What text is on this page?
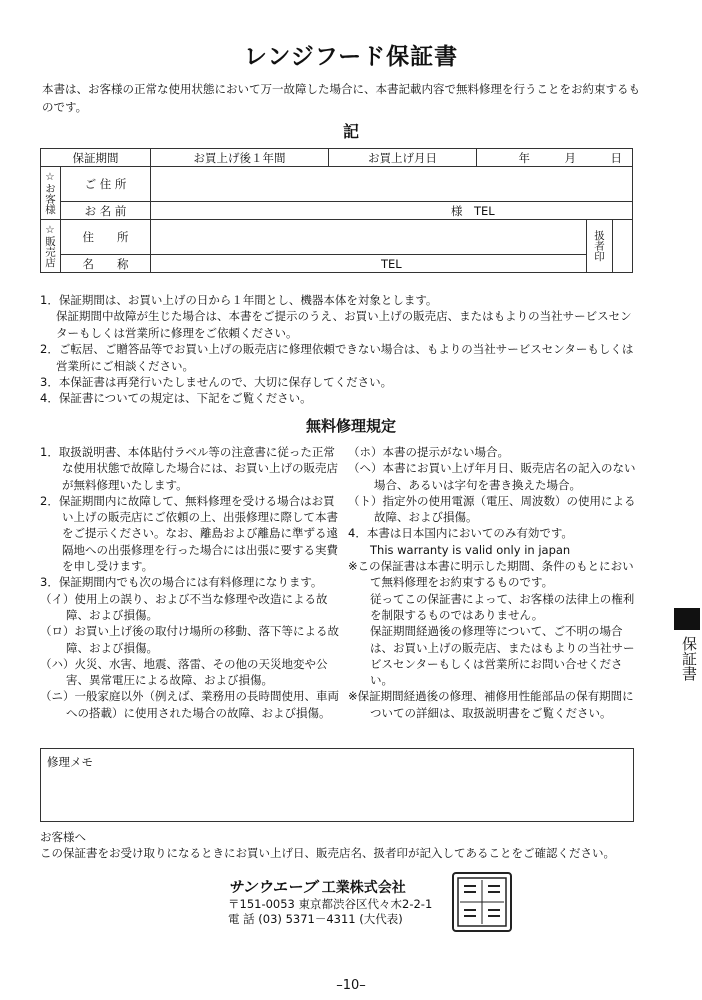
レンジフード保証書
本書は、お客様の正常な使用状態において万一故障した場合に、本書記載内容で無料修理を行うことをお約束するものです。
記
保証期間		お買上げ後１年間	お買上げ月日	年　　　 月　　　 日		
☆お客様	ご 住 所					
	お 名 前	様　TEL				
☆販売店	住　　所				扱者印	
	名　　称	TEL				
1．保証期間は、お買い上げの日から１年間とし、機器本体を対象とします。
保証期間中故障が生じた場合は、本書をご提示のうえ、お買い上げの販売店、またはもよりの当社サービスセンターもしくは営業所に修理をご依頼ください。
2．ご転居、ご贈答品等でお買い上げの販売店に修理依頼できない場合は、もよりの当社サービスセンターもしくは営業所にご相談ください。
3．本保証書は再発行いたしませんので、大切に保存してください。
4．保証書についての規定は、下記をご覧ください。
無料修理規定
1．取扱説明書、本体貼付ラベル等の注意書に従った正常な使用状態で故障した場合には、お買い上げの販売店が無料修理いたします。
2．保証期間内に故障して、無料修理を受ける場合はお買い上げの販売店にご依頼の上、出張修理に際して本書をご提示ください。なお、離島および離島に準ずる遠隔地への出張修理を行った場合には出張に要する実費を申し受けます。
3．保証期間内でも次の場合には有料修理になります。
（イ）使用上の誤り、および不当な修理や改造による故障、および損傷。
（ロ）お買い上げ後の取付け場所の移動、落下等による故障、および損傷。
（ハ）火災、水害、地震、落雷、その他の天災地変や公害、異常電圧による故障、および損傷。
（ニ）一般家庭以外（例えば、業務用の長時間使用、車両への搭載）に使用された場合の故障、および損傷。
（ホ）本書の提示がない場合。
（ヘ）本書にお買い上げ年月日、販売店名の記入のない場合、あるいは字句を書き換えた場合。
（ト）指定外の使用電源（電圧、周波数）の使用による故障、および損傷。
4．本書は日本国内においてのみ有効です。
This warranty is valid only in japan
※この保証書は本書に明示した期間、条件のもとにおいて無料修理をお約束するものです。
従ってこの保証書によって、お客様の法律上の権利を制限するものではありません。
保証期間経過後の修理等について、ご不明の場合は、お買い上げの販売店、またはもよりの当社サービスセンターもしくは営業所にお問い合せください。
※保証期間経過後の修理、補修用性能部品の保有期間についての詳細は、取扱説明書をご覧ください。
修理メモ
お客様へ
この保証書をお受け取りになるときにお買い上げ日、販売店名、扱者印が記入してあることをご確認ください。
サンウエーブ 工業株式会社
〒151-0053 東京都渋谷区代々木2-2-1
電 話 (03) 5371－4311 (大代表)
保証書
–10–
